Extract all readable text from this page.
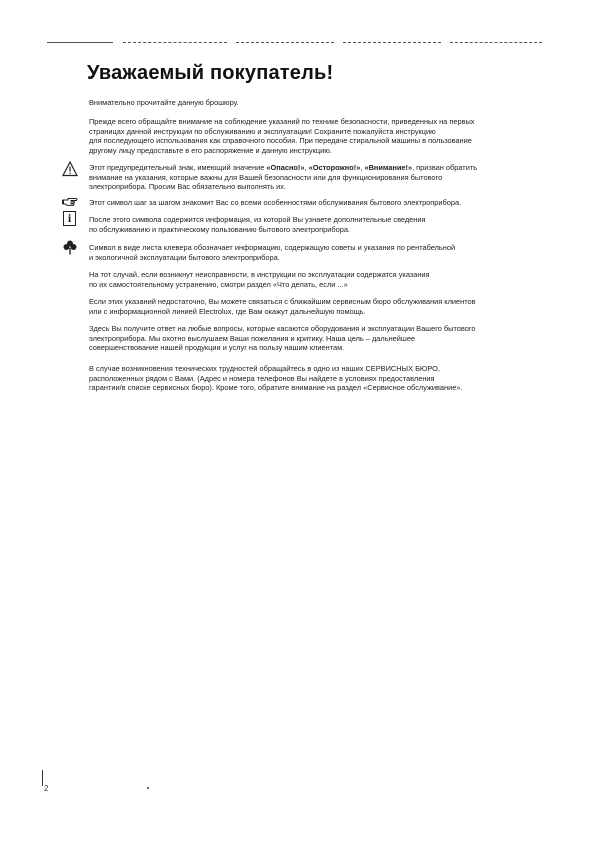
Уважаемый покупатель!

Внимательно прочитайте данную брошюру.

Прежде всего обращайте внимание на соблюдение указаний по технике безопасности, приведенных на первых
страницах данной инструкции по обслуживанию и эксплуатации! Сохраните пожалуйста инструкцию
для последующего использования как справочного пособия. При передаче стиральной машины в пользование
другому лицу предоставьте в его распоряжение и данную инструкцию.

Этот предупредительный знак, имеющий значение «Опасно!», «Осторожно!», «Внимание!», призван обратить
внимание на указания, которые важны для Вашей безопасности или для функционирования бытового
электроприбора. Просим Вас обязательно выполнять их.

Этот символ шаг за шагом знакомит Вас со всеми особенностями обслуживания бытового электроприбора.

i	После этого символа содержится информация, из которой Вы узнаете дополнительные сведения
по обслуживанию и практическому пользованию бытового электроприбора.

Символ в виде листа клевера обозначает информацию, содержащую советы и указания по рентабельной
и экологичной эксплуатации бытового электроприбора.

На тот случай, если возникнут неисправности, в инструкции по эксплуатации содержатся указания
по их самостоятельному устранению, смотри раздел «Что делать, если ...»

Если этих указаний недостаточно, Вы можете связаться с ближайшим сервисным бюро обслуживания клиентов
или с информационной линией Electrolux, где Вам окажут дальнейшую помощь.

Здесь Вы получите ответ на любые вопросы, которые касаются оборудования и эксплуатации Вашего бытового
электроприбора. Мы охотно выслушаем Ваши пожелания и критику. Наша цель – дальнейшее
совершенствование нашей продукции и услуг на пользу нашим клиентам.

В случае возникновения технических трудностей обращайтесь в одно из наших СЕРВИСНЫХ БЮРО,
расположенных рядом с Вами. (Адрес и номера телефонов Вы найдете в условиях предоставления
гарантии/в списке сервисных бюро). Кроме того, обратите внимание на раздел «Сервисное обслуживание».

2
